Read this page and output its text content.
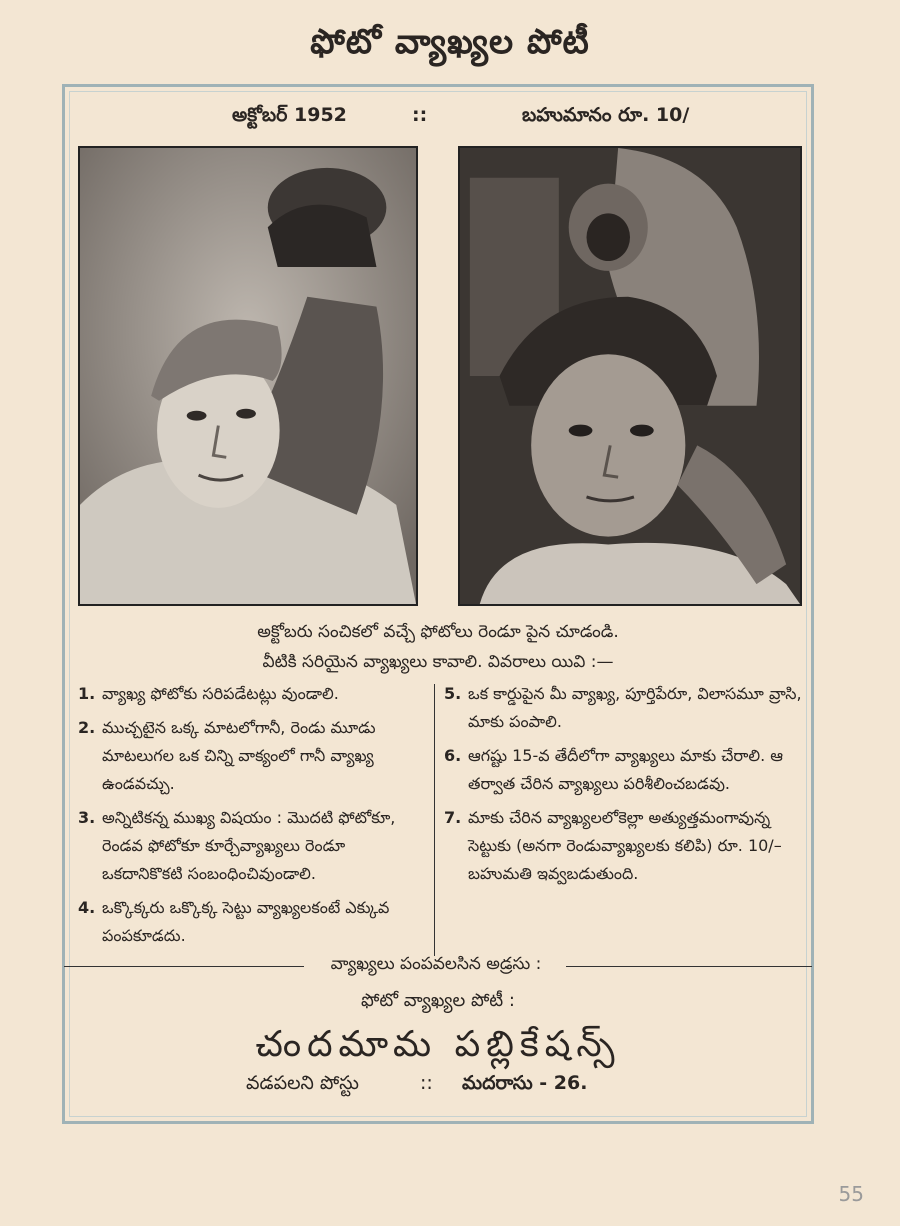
ఫోటో వ్యాఖ్యల పోటీ
అక్టోబర్ 1952	::	బహుమానం రూ. 10/
అక్టోబరు సంచికలో వచ్చే ఫోటోలు రెండూ పైన చూడండి.
వీటికి సరియైన వ్యాఖ్యలు కావాలి. వివరాలు యివి :—
1. వ్యాఖ్య ఫోటోకు సరిపడేటట్లు వుండాలి.
2. ముచ్చటైన ఒక్క మాటలోగానీ, రెండు మూడు మాటలుగల ఒక చిన్ని వాక్యంలో గానీ వ్యాఖ్య ఉండవచ్చు.
3. అన్నిటికన్న ముఖ్య విషయం : మొదటి ఫోటోకూ, రెండవ ఫోటోకూ కూర్చేవ్యాఖ్యలు రెండూ ఒకదానికొకటి సంబంధించివుండాలి.
4. ఒక్కొక్కరు ఒక్కొక్క సెట్టు వ్యాఖ్యలకంటే ఎక్కువ పంపకూడదు.
5. ఒక కార్డుపైన మీ వ్యాఖ్య, పూర్తిపేరూ, విలాసమూ వ్రాసి, మాకు పంపాలి.
6. ఆగష్టు 15-వ తేదీలోగా వ్యాఖ్యలు మాకు చేరాలి. ఆ తర్వాత చేరిన వ్యాఖ్యలు పరిశీలించబడవు.
7. మాకు చేరిన వ్యాఖ్యలలోకెల్లా అత్యుత్తమంగావున్న సెట్టుకు (అనగా రెండువ్యాఖ్యలకు కలిపి) రూ. 10/– బహుమతి ఇవ్వబడుతుంది.
వ్యాఖ్యలు పంపవలసిన అడ్రసు :
ఫోటో వ్యాఖ్యల పోటీ :
చందమామ పబ్లికేషన్స్
వడపలని పోస్టు	:: మదరాసు - 26.
55
